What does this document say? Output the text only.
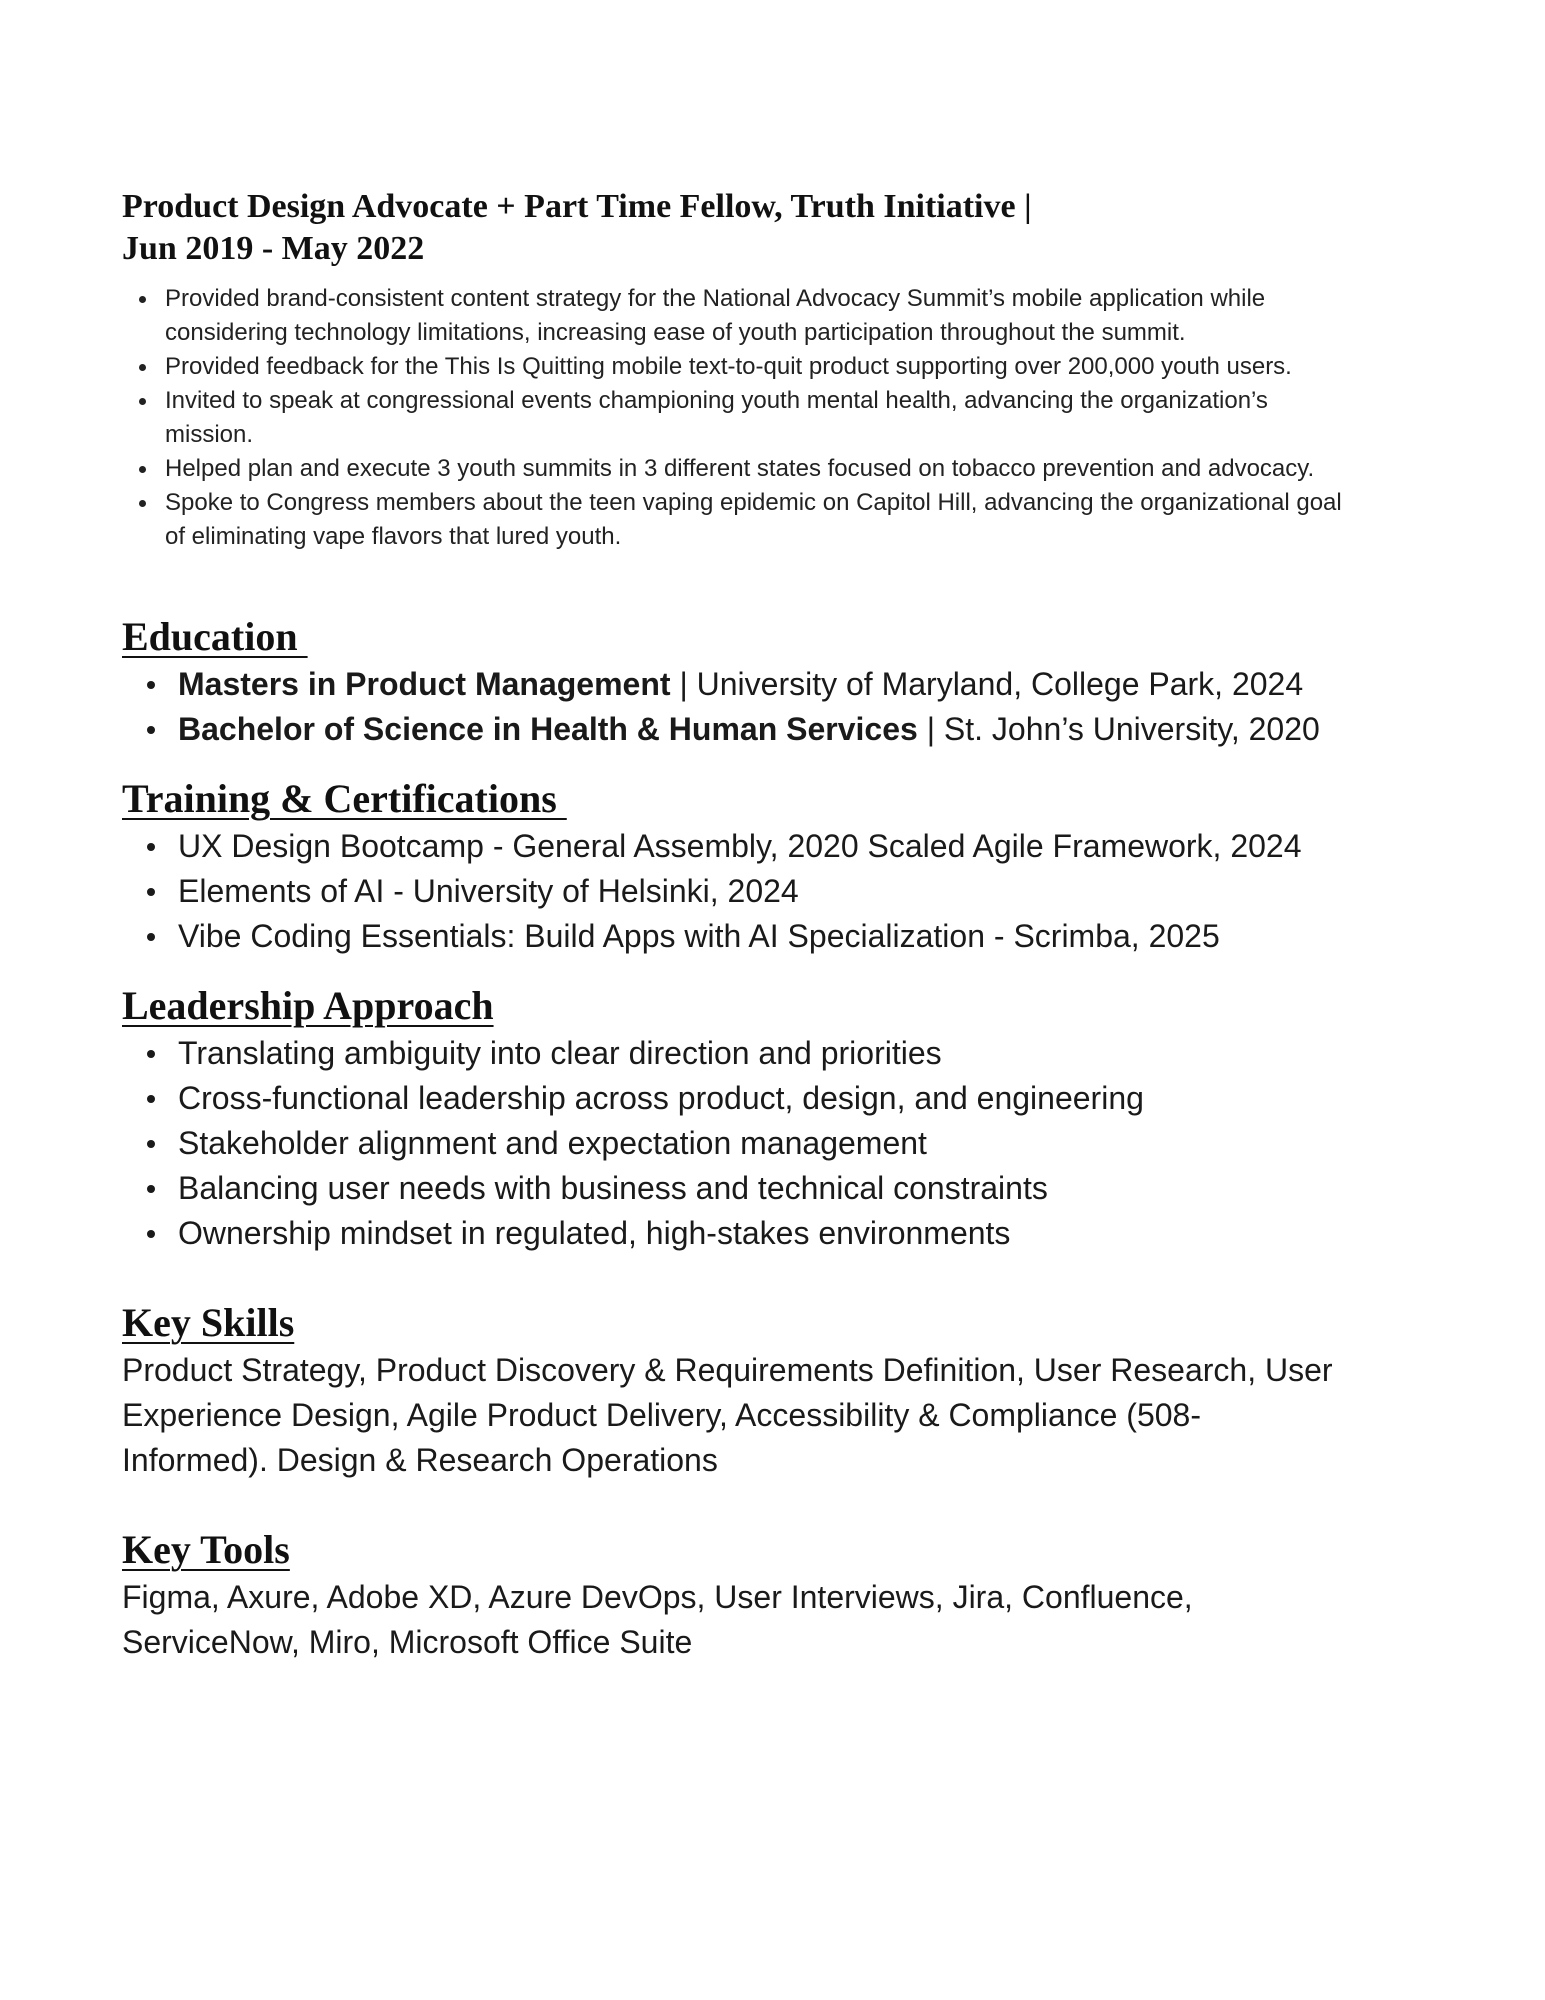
Product Design Advocate + Part Time Fellow, Truth Initiative |
Jun 2019 - May 2022
Provided brand-consistent content strategy for the National Advocacy Summit’s mobile application while considering technology limitations, increasing ease of youth participation throughout the summit.
Provided feedback for the This Is Quitting mobile text-to-quit product supporting over 200,000 youth users.
Invited to speak at congressional events championing youth mental health, advancing the organization’s mission.
Helped plan and execute 3 youth summits in 3 different states focused on tobacco prevention and advocacy.
Spoke to Congress members about the teen vaping epidemic on Capitol Hill, advancing the organizational goal of eliminating vape flavors that lured youth.
Education
Masters in Product Management | University of Maryland, College Park, 2024
Bachelor of Science in Health & Human Services | St. John’s University, 2020
Training & Certifications
UX Design Bootcamp - General Assembly, 2020 Scaled Agile Framework, 2024
Elements of AI - University of Helsinki, 2024
Vibe Coding Essentials: Build Apps with AI Specialization - Scrimba, 2025
Leadership Approach
Translating ambiguity into clear direction and priorities
Cross-functional leadership across product, design, and engineering
Stakeholder alignment and expectation management
Balancing user needs with business and technical constraints
Ownership mindset in regulated, high-stakes environments
Key Skills

Product Strategy, Product Discovery & Requirements Definition, User Research, User Experience Design, Agile Product Delivery, Accessibility & Compliance (508-Informed). Design & Research Operations

Key Tools

Figma, Axure, Adobe XD, Azure DevOps, User Interviews, Jira, Confluence, ServiceNow, Miro, Microsoft Office Suite
